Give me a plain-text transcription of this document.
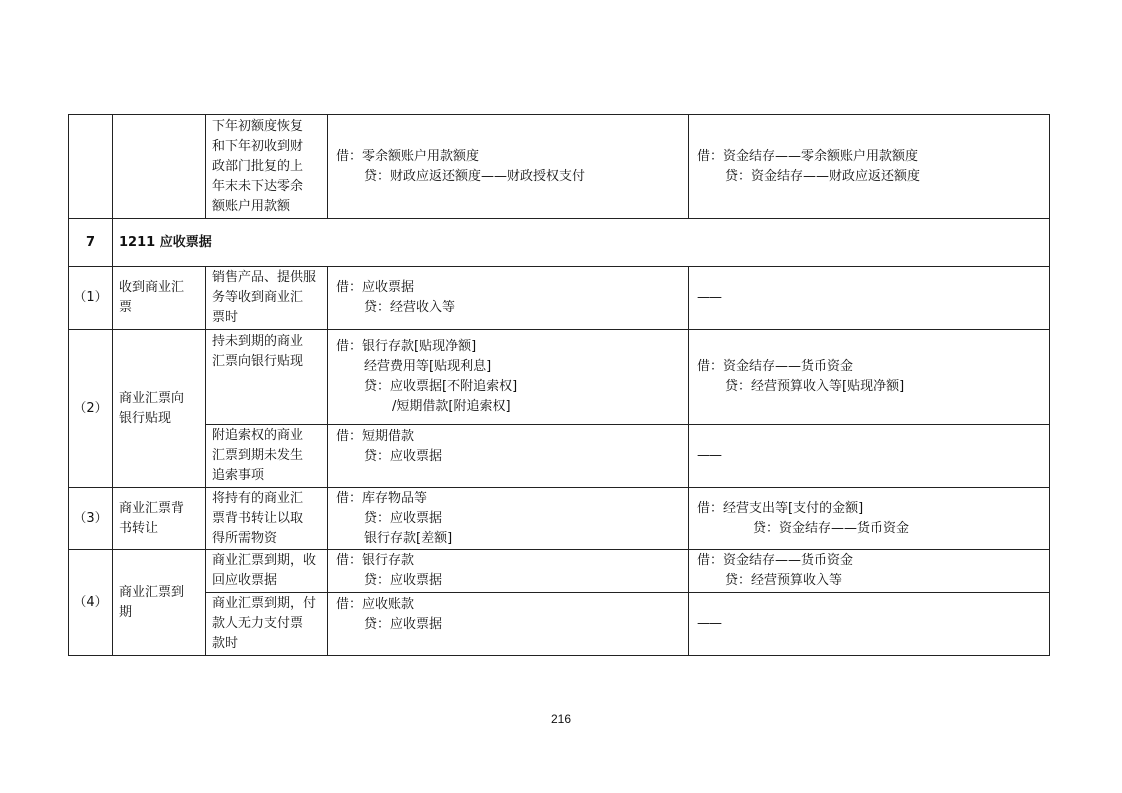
		下年初额度恢复
和下年初收到财
政部门批复的上
年末未下达零余
额账户用款额	借：零余额账户用款额度
贷：财政应返还额度——财政授权支付	借：资金结存——零余额账户用款额度
贷：资金结存——财政应返还额度

7	1211 应收票据			
（1）	收到商业汇
票	销售产品、提供服
务等收到商业汇
票时	借：应收票据
贷：经营收入等	——

（2）	商业汇票向
银行贴现	持未到期的商业
汇票向银行贴现	借：银行存款[贴现净额]
经营费用等[贴现利息]
贷：应收票据[不附追索权]
/短期借款[附追索权]	借：资金结存——货币资金
贷：经营预算收入等[贴现净额]

		附追索权的商业
汇票到期未发生
追索事项	借：短期借款
贷：应收票据	——

（3）	商业汇票背
书转让	将持有的商业汇
票背书转让以取
得所需物资	借：库存物品等
贷：应收票据
银行存款[差额]	借：经营支出等[支付的金额]
贷：资金结存——货币资金

（4）	商业汇票到
期	商业汇票到期，收
回应收票据	借：银行存款
贷：应收票据	借：资金结存——货币资金
贷：经营预算收入等

		商业汇票到期，付
款人无力支付票
款时	借：应收账款
贷：应收票据	——
216
